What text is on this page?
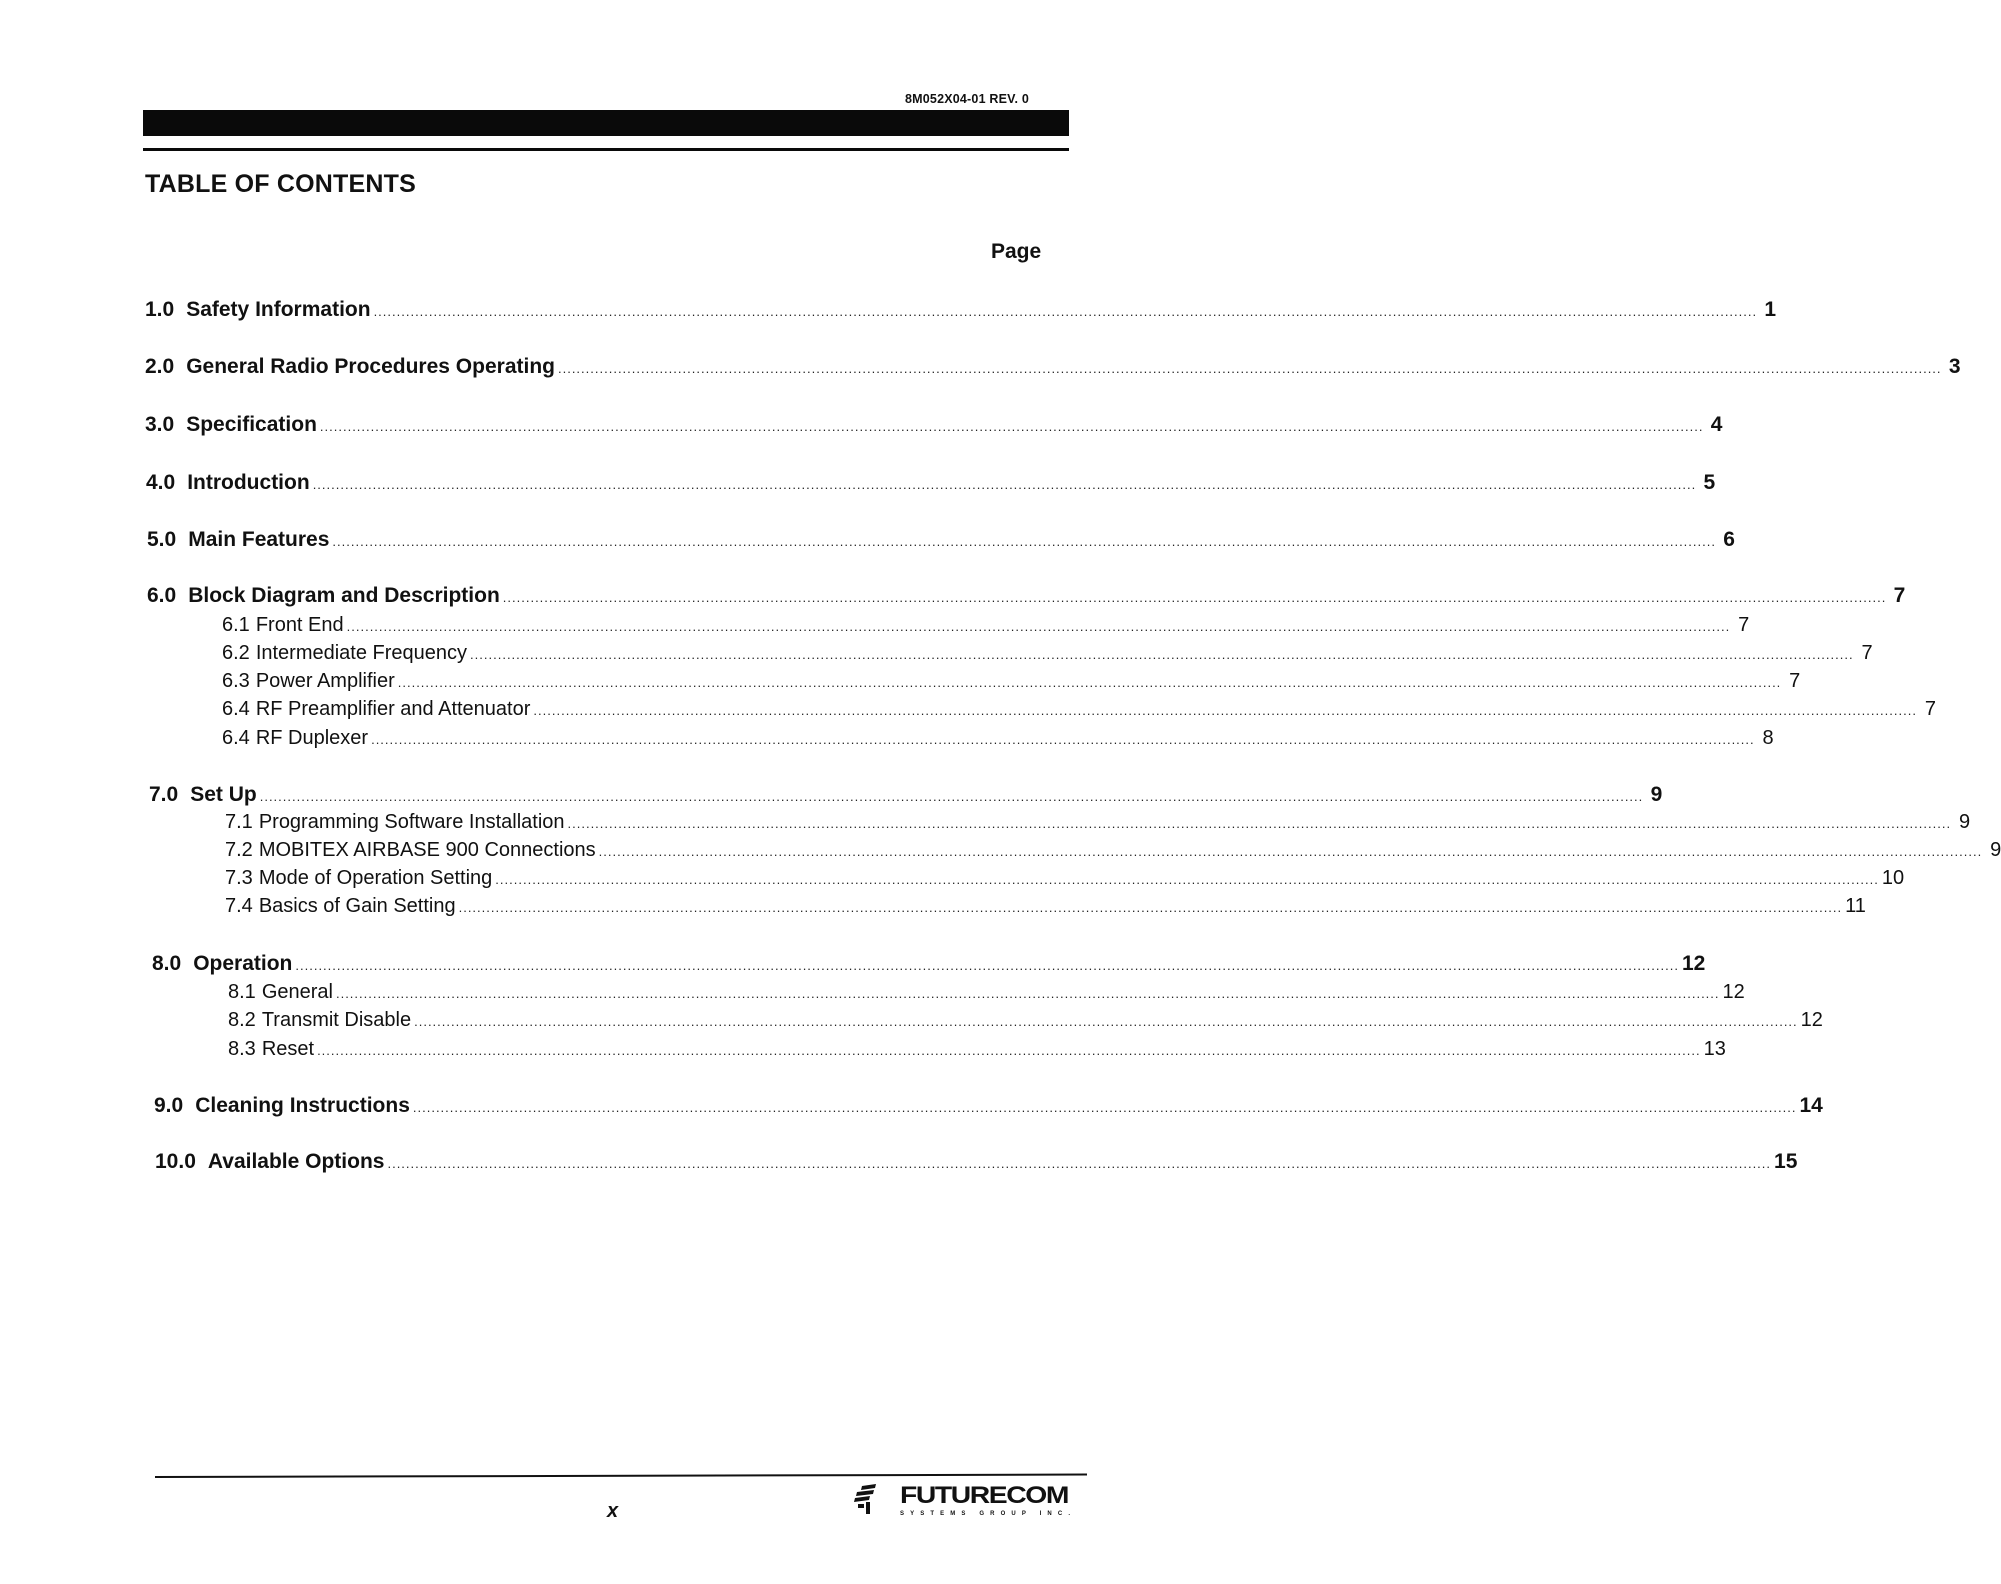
8M052X04-01 REV. 0
TABLE OF CONTENTS
Page
1.0 Safety Information ............................................................................................................................................................................................................................................................................................................ 1
2.0 General Radio Procedures Operating ............................................................................................................................................................................................................................................................................................................ 3
3.0 Specification ............................................................................................................................................................................................................................................................................................................ 4
4.0 Introduction ............................................................................................................................................................................................................................................................................................................ 5
5.0 Main Features ............................................................................................................................................................................................................................................................................................................ 6
6.0 Block Diagram and Description ............................................................................................................................................................................................................................................................................................................ 7
6.1 Front End ............................................................................................................................................................................................................................................................................................................ 7
6.2 Intermediate Frequency ............................................................................................................................................................................................................................................................................................................ 7
6.3 Power Amplifier ............................................................................................................................................................................................................................................................................................................ 7
6.4 RF Preamplifier and Attenuator ............................................................................................................................................................................................................................................................................................................ 7
6.4 RF Duplexer ............................................................................................................................................................................................................................................................................................................ 8
7.0 Set Up ............................................................................................................................................................................................................................................................................................................ 9
7.1 Programming Software Installation ............................................................................................................................................................................................................................................................................................................ 9
7.2 MOBITEX AIRBASE 900 Connections ............................................................................................................................................................................................................................................................................................................ 9
7.3 Mode of Operation Setting ............................................................................................................................................................................................................................................................................................................ 10
7.4 Basics of Gain Setting ............................................................................................................................................................................................................................................................................................................ 11
8.0 Operation ............................................................................................................................................................................................................................................................................................................ 12
8.1 General ............................................................................................................................................................................................................................................................................................................ 12
8.2 Transmit Disable ............................................................................................................................................................................................................................................................................................................ 12
8.3 Reset ............................................................................................................................................................................................................................................................................................................ 13
9.0 Cleaning Instructions ............................................................................................................................................................................................................................................................................................................ 14
10.0 Available Options ............................................................................................................................................................................................................................................................................................................ 15
x
FUTURECOM
SYSTEMS GROUP INC.
